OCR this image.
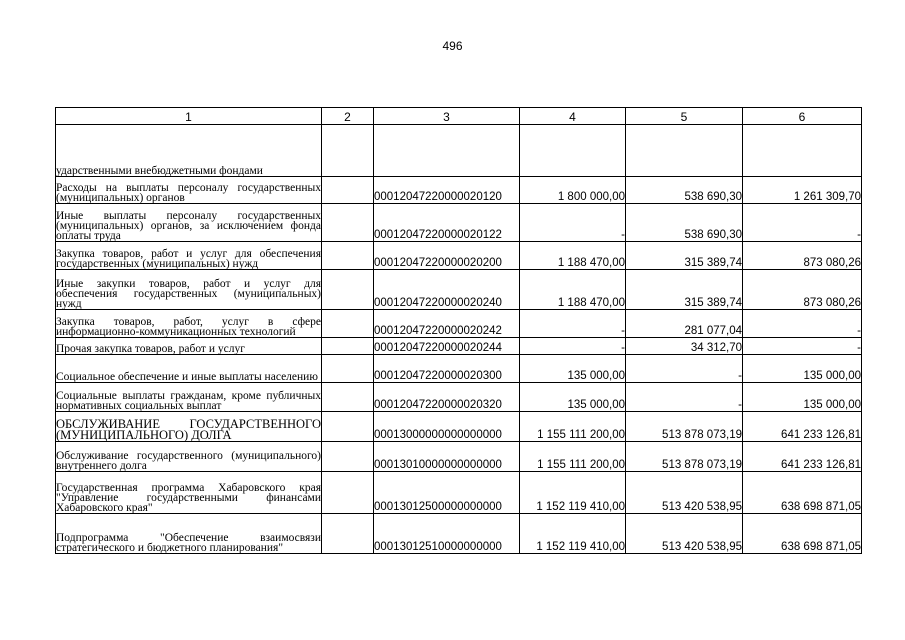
496
1	2	3	4	5	6
ударственными внебюджетными фондами					
Расходы на выплаты персоналу государственных (муниципальных) органов		00012047220000020120	1 800 000,00	538 690,30	1 261 309,70
Иные выплаты персоналу государственных (муниципальных) органов, за исключением фонда оплаты труда		00012047220000020122	-	538 690,30	-
Закупка товаров, работ и услуг для обеспечения государственных (муниципальных) нужд		00012047220000020200	1 188 470,00	315 389,74	873 080,26
Иные закупки товаров, работ и услуг для обеспечения государственных (муниципальных) нужд		00012047220000020240	1 188 470,00	315 389,74	873 080,26
Закупка товаров, работ, услуг в сфере информационно-коммуникационных технологий		00012047220000020242	-	281 077,04	-
Прочая закупка товаров, работ и услуг		00012047220000020244	-	34 312,70	-
Социальное обеспечение и иные выплаты населению		00012047220000020300	135 000,00	-	135 000,00
Социальные выплаты гражданам, кроме публичных нормативных социальных выплат		00012047220000020320	135 000,00	-	135 000,00
ОБСЛУЖИВАНИЕ ГОСУДАРСТВЕННОГО (МУНИЦИПАЛЬНОГО) ДОЛГА		00013000000000000000	1 155 111 200,00	513 878 073,19	641 233 126,81
Обслуживание государственного (муниципального) внутреннего долга		00013010000000000000	1 155 111 200,00	513 878 073,19	641 233 126,81
Государственная программа Хабаровского края "Управление государственными финансами Хабаровского края"		00013012500000000000	1 152 119 410,00	513 420 538,95	638 698 871,05
Подпрограмма "Обеспечение взаимосвязи стратегического и бюджетного планирования"		00013012510000000000	1 152 119 410,00	513 420 538,95	638 698 871,05
